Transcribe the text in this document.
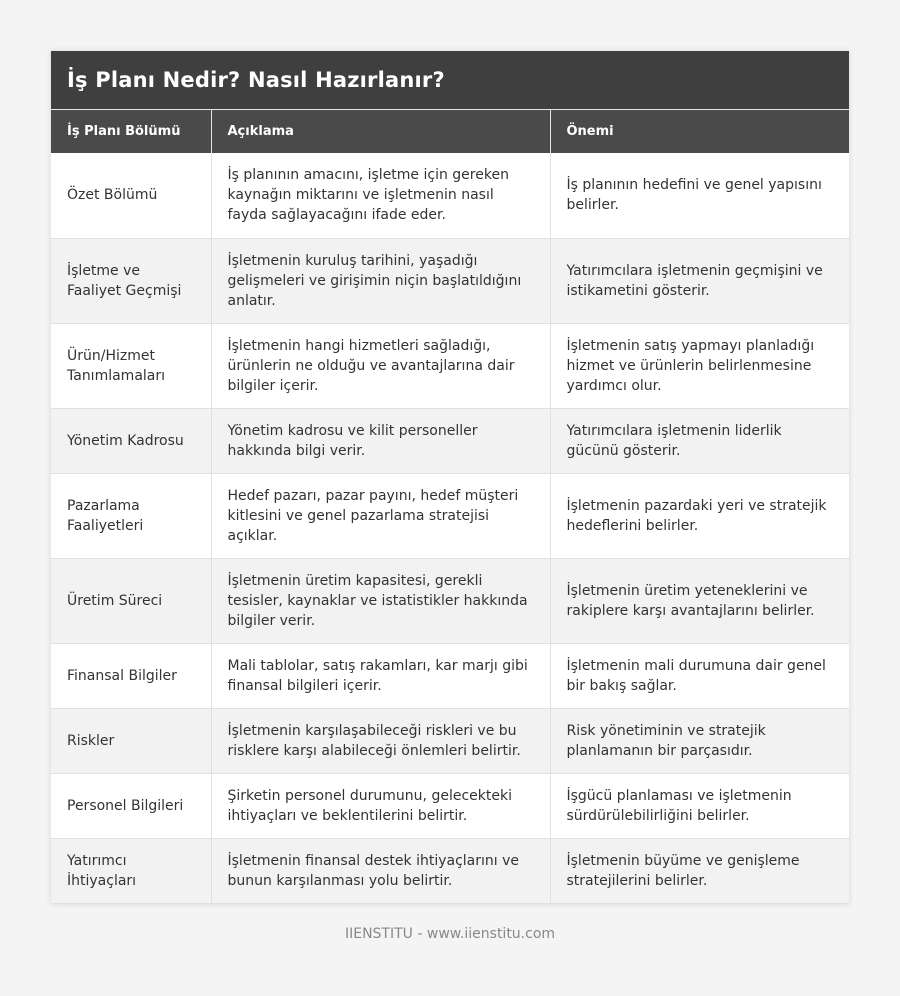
İş Planı Nedir? Nasıl Hazırlanır?
İş Planı Bölümü	Açıklama	Önemi
Özet Bölümü	İş planının amacını, işletme için gereken kaynağın miktarını ve işletmenin nasıl fayda sağlayacağını ifade eder.	İş planının hedefini ve genel yapısını belirler.
İşletme ve Faaliyet Geçmişi	İşletmenin kuruluş tarihini, yaşadığı gelişmeleri ve girişimin niçin başlatıldığını anlatır.	Yatırımcılara işletmenin geçmişini ve istikametini gösterir.
Ürün/Hizmet Tanımlamaları	İşletmenin hangi hizmetleri sağladığı, ürünlerin ne olduğu ve avantajlarına dair bilgiler içerir.	İşletmenin satış yapmayı planladığı hizmet ve ürünlerin belirlenmesine yardımcı olur.
Yönetim Kadrosu	Yönetim kadrosu ve kilit personeller hakkında bilgi verir.	Yatırımcılara işletmenin liderlik gücünü gösterir.
Pazarlama Faaliyetleri	Hedef pazarı, pazar payını, hedef müşteri kitlesini ve genel pazarlama stratejisi açıklar.	İşletmenin pazardaki yeri ve stratejik hedeflerini belirler.
Üretim Süreci	İşletmenin üretim kapasitesi, gerekli tesisler, kaynaklar ve istatistikler hakkında bilgiler verir.	İşletmenin üretim yeteneklerini ve rakiplere karşı avantajlarını belirler.
Finansal Bilgiler	Mali tablolar, satış rakamları, kar marjı gibi finansal bilgileri içerir.	İşletmenin mali durumuna dair genel bir bakış sağlar.
Riskler	İşletmenin karşılaşabileceği riskleri ve bu risklere karşı alabileceği önlemleri belirtir.	Risk yönetiminin ve stratejik planlamanın bir parçasıdır.
Personel Bilgileri	Şirketin personel durumunu, gelecekteki ihtiyaçları ve beklentilerini belirtir.	İşgücü planlaması ve işletmenin sürdürülebilirliğini belirler.
Yatırımcı İhtiyaçları	İşletmenin finansal destek ihtiyaçlarını ve bunun karşılanması yolu belirtir.	İşletmenin büyüme ve genişleme stratejilerini belirler.
IIENSTITU - www.iienstitu.com
